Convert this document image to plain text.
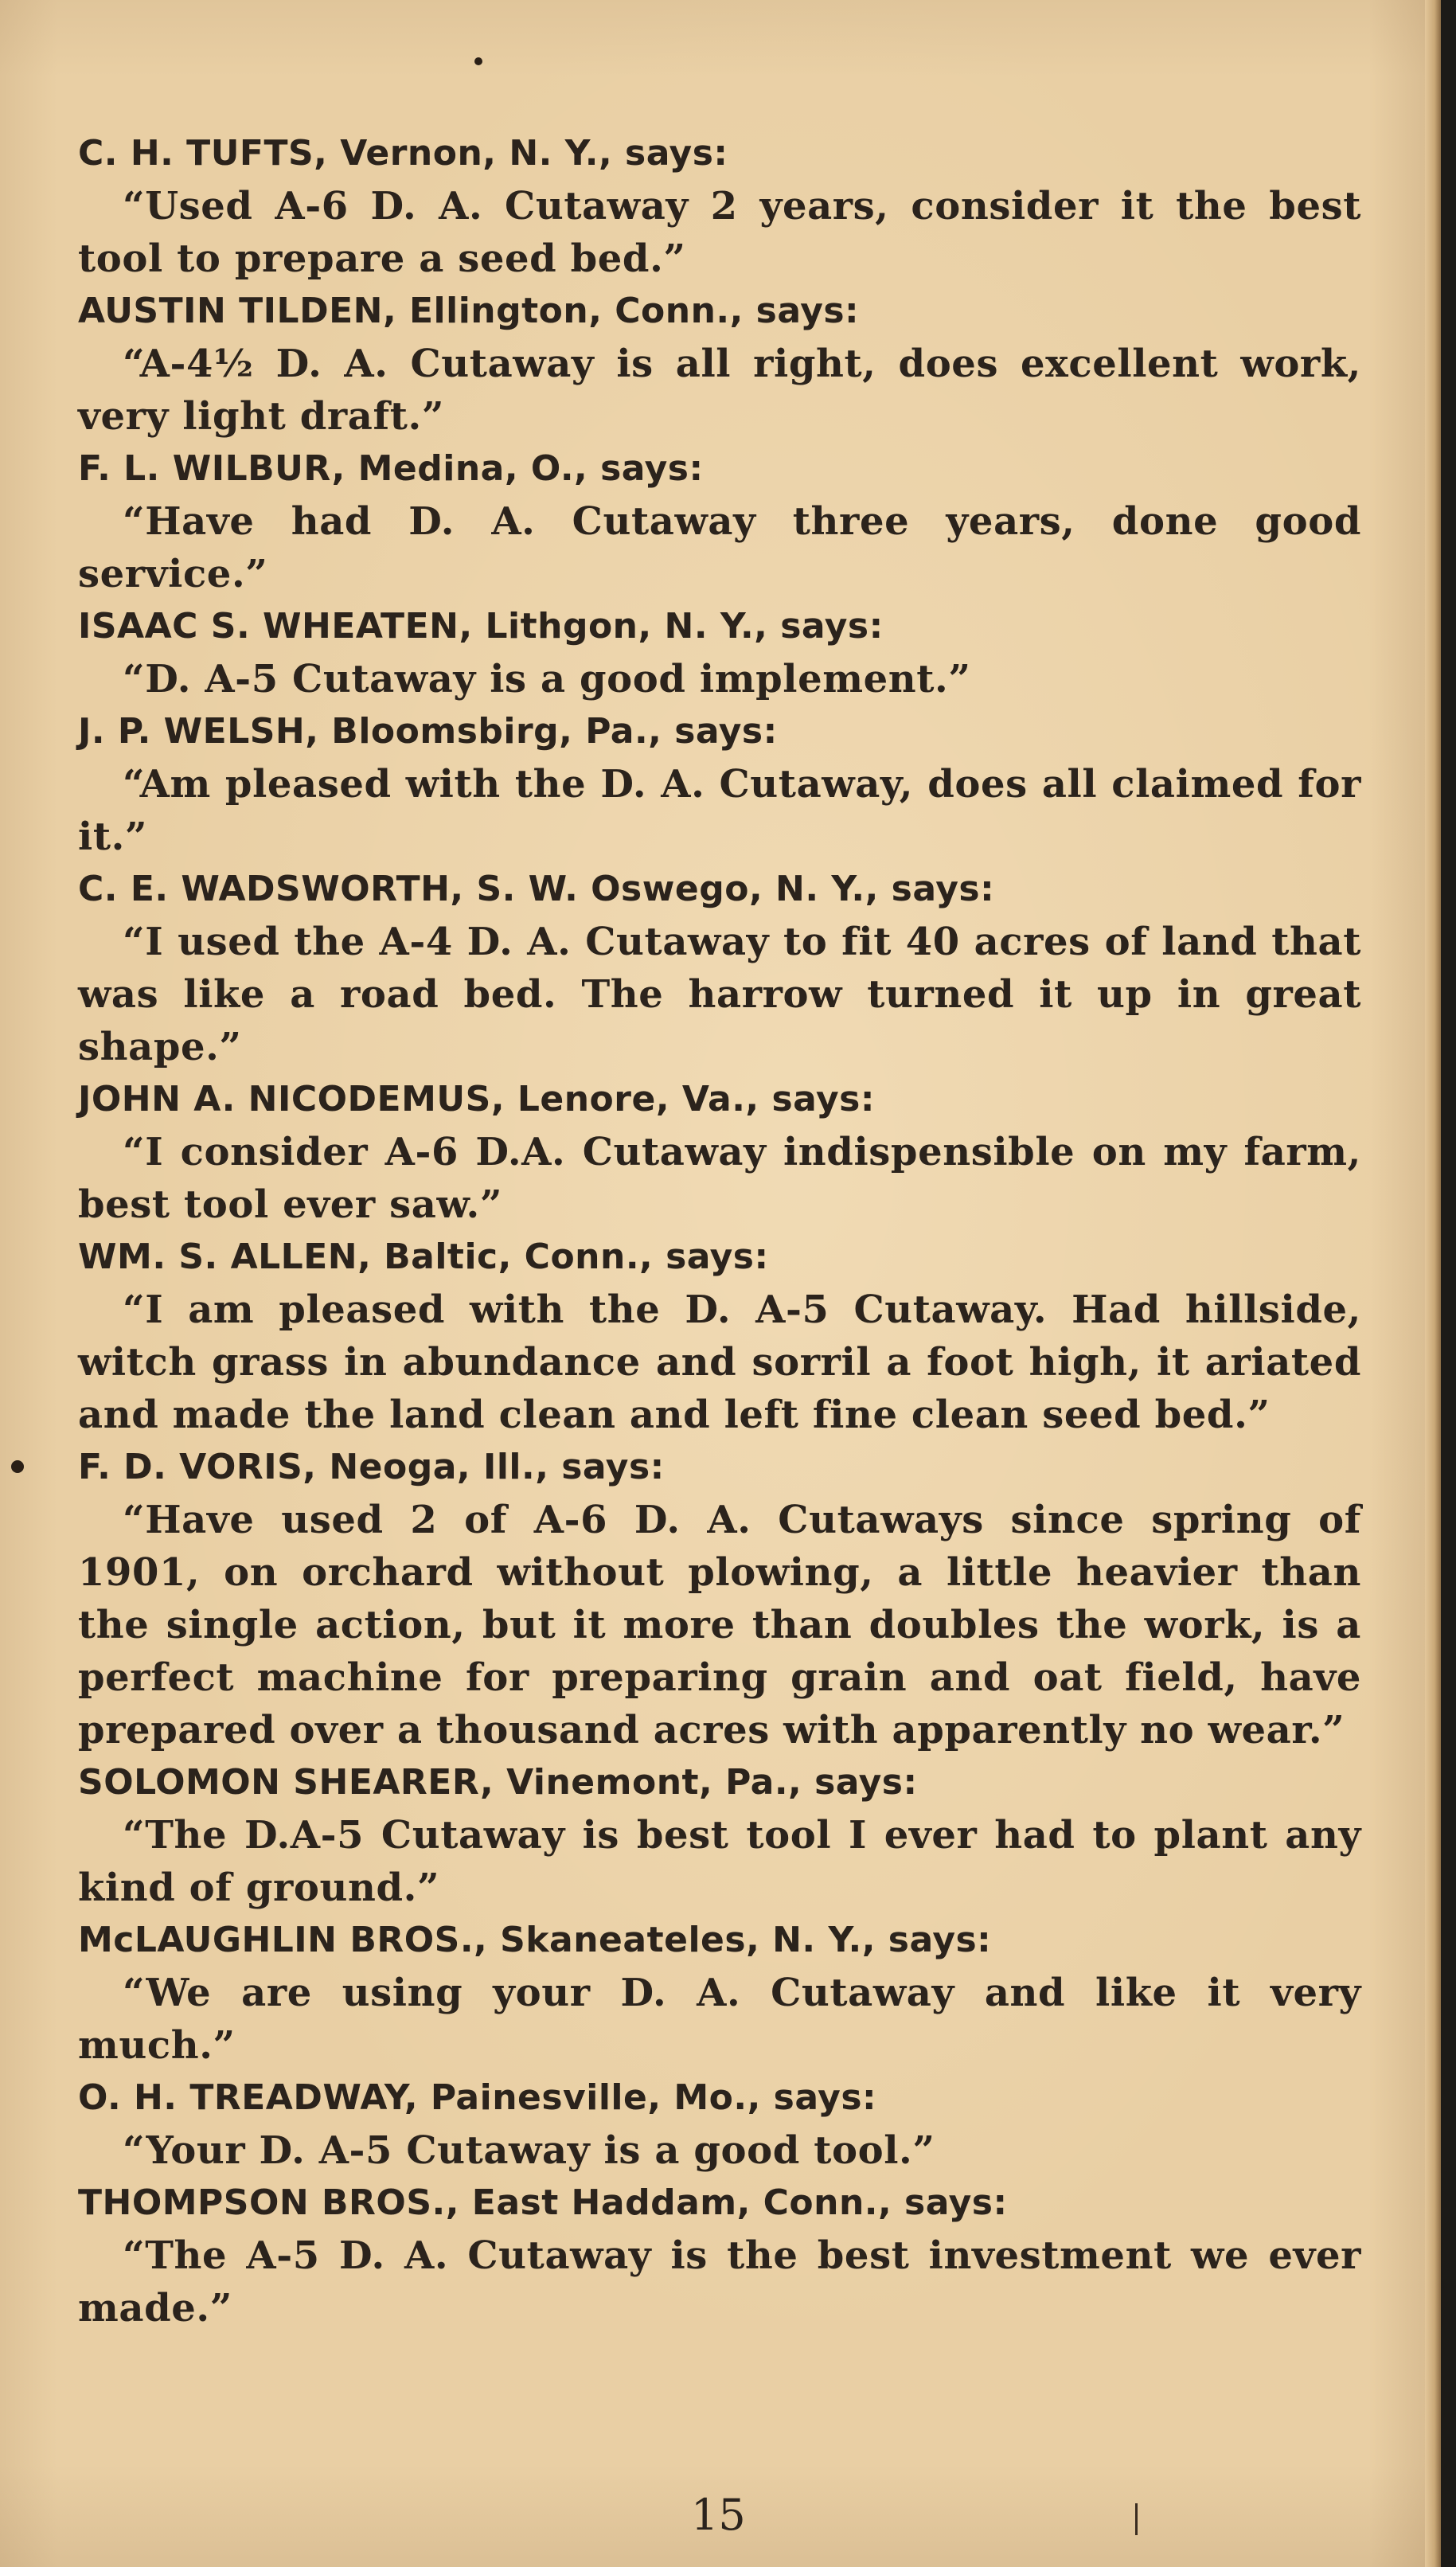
C. H. TUFTS, Vernon, N. Y., says:
“Used A-6 D. A. Cutaway 2 years, consider it the best tool to prepare a seed bed.”
AUSTIN TILDEN, Ellington, Conn., says:
“A-4½ D. A. Cutaway is all right, does excellent work, very light draft.”
F. L. WILBUR, Medina, O., says:
“Have had D. A. Cutaway three years, done good service.”
ISAAC S. WHEATEN, Lithgon, N. Y., says:
“D. A-5 Cutaway is a good implement.”
J. P. WELSH, Bloomsbirg, Pa., says:
“Am pleased with the D. A. Cutaway, does all claimed for it.”
C. E. WADSWORTH, S. W. Oswego, N. Y., says:
“I used the A-4 D. A. Cutaway to fit 40 acres of land that was like a road bed. The harrow turned it up in great shape.”
JOHN A. NICODEMUS, Lenore, Va., says:
“I consider A-6 D.A. Cutaway indispensible on my farm, best tool ever saw.”
WM. S. ALLEN, Baltic, Conn., says:
“I am pleased with the D. A-5 Cutaway. Had hillside, witch grass in abundance and sorril a foot high, it ariated and made the land clean and left fine clean seed bed.”
F. D. VORIS, Neoga, Ill., says:
“Have used 2 of A-6 D. A. Cutaways since spring of 1901, on orchard without plowing, a little heavier than the single action, but it more than doubles the work, is a perfect machine for preparing grain and oat field, have prepared over a thousand acres with apparently no wear.”
SOLOMON SHEARER, Vinemont, Pa., says:
“The D.A-5 Cutaway is best tool I ever had to plant any kind of ground.”
McLAUGHLIN BROS., Skaneateles, N. Y., says:
“We are using your D. A. Cutaway and like it very much.”
O. H. TREADWAY, Painesville, Mo., says:
“Your D. A-5 Cutaway is a good tool.”
THOMPSON BROS., East Haddam, Conn., says:
“The A-5 D. A. Cutaway is the best investment we ever made.”
15
